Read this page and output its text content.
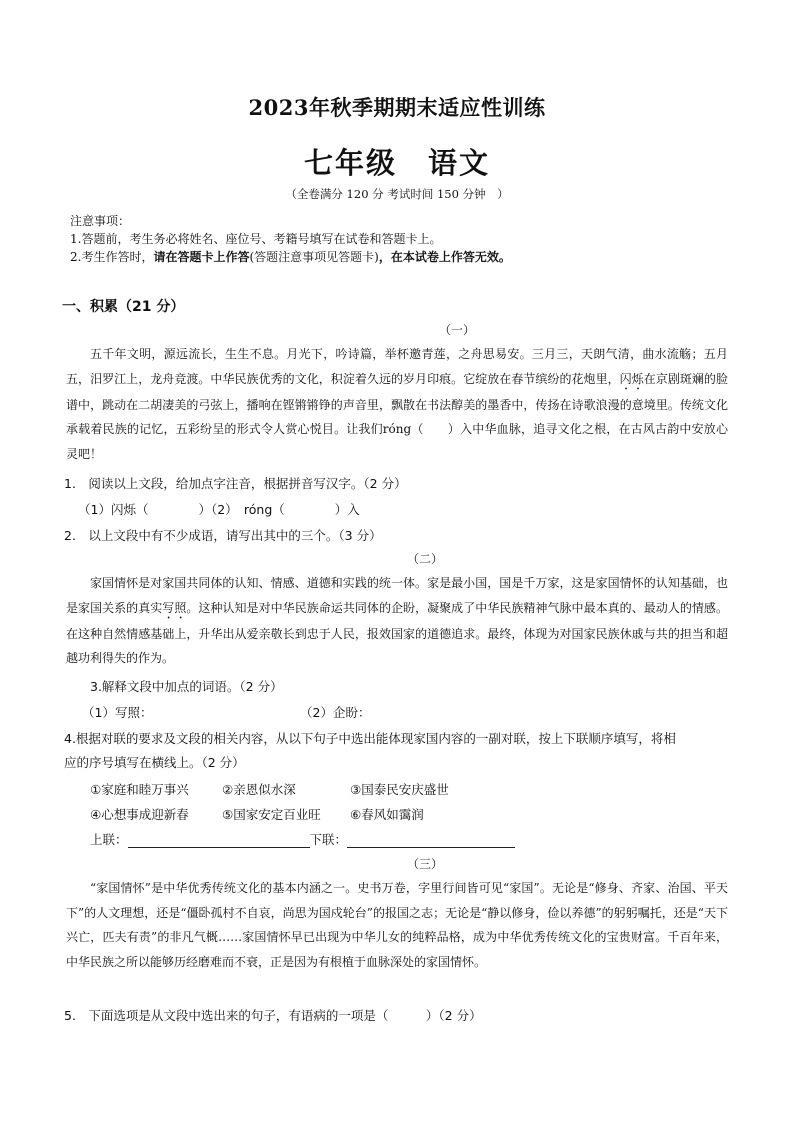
2023年秋季期期末适应性训练
七年级　语文
（全卷满分 120 分 考试时间 150 分钟　）
注意事项：
1.答题前，考生务必将姓名、座位号、考籍号填写在试卷和答题卡上。
2.考生作答时，请在答题卡上作答(答题注意事项见答题卡)，在本试卷上作答无效。
一、积累（21 分）
（一）
五千年文明，源远流长，生生不息。月光下，吟诗篇，举杯邀青莲，之舟思易安。三月三，天朗气清，曲水流觞；五月五，汨罗江上，龙舟竞渡。中华民族优秀的文化，积淀着久远的岁月印痕。它绽放在春节缤纷的花炮里，闪烁在京剧斑斓的脸谱中，跳动在二胡凄美的弓弦上，播响在铿锵锵铮的声音里，飘散在书法醇美的墨香中，传扬在诗歌浪漫的意境里。传统文化承载着民族的记忆，五彩纷呈的形式令人赏心悦目。让我们róng（　　）入中华血脉，追寻文化之根，在古风古韵中安放心灵吧！
1.　阅读以上文段，给加点字注音，根据拼音写汉字。（2 分）
（1）闪烁（　　　　）（2）　róng（　　　　）入
2.　以上文段中有不少成语，请写出其中的三个。（3 分）
（二）
家国情怀是对家国共同体的认知、情感、道德和实践的统一体。家是最小国，国是千万家，这是家国情怀的认知基础，也是家国关系的真实写照。这种认知是对中华民族命运共同体的企盼，凝聚成了中华民族精神气脉中最本真的、最动人的情感。在这种自然情感基础上，升华出从爱亲敬长到忠于人民，报效国家的道德追求。最终，体现为对国家民族休戚与共的担当和超越功利得失的作为。
3.解释文段中加点的词语。（2 分）
（1）写照：	（2）企盼：
4.根据对联的要求及文段的相关内容，从以下句子中选出能体现家国内容的一副对联，按上下联顺序填写，将相
应的序号填写在横线上。（2 分）
①家庭和睦万事兴	②亲恩似水深	③国泰民安庆盛世
④心想事成迎新春	⑤国家安定百业旺 ⑥春风如霭润
上联：	下联：
（三）
“家国情怀”是中华优秀传统文化的基本内涵之一。史书万卷，字里行间皆可见“家国”。无论是“修身、齐家、治国、平天下”的人文理想，还是“僵卧孤村不自哀，尚思为国戍轮台”的报国之志；无论是“静以修身，俭以养德”的躬躬嘱托，还是“天下兴亡，匹夫有责”的非凡气概……家国情怀早已出现为中华儿女的纯粹品格，成为中华优秀传统文化的宝贵财富。千百年来，中华民族之所以能够历经磨难而不衰，正是因为有根植于血脉深处的家国情怀。
5.　下面选项是从文段中选出来的句子，有语病的一项是（　　　）（2 分）
